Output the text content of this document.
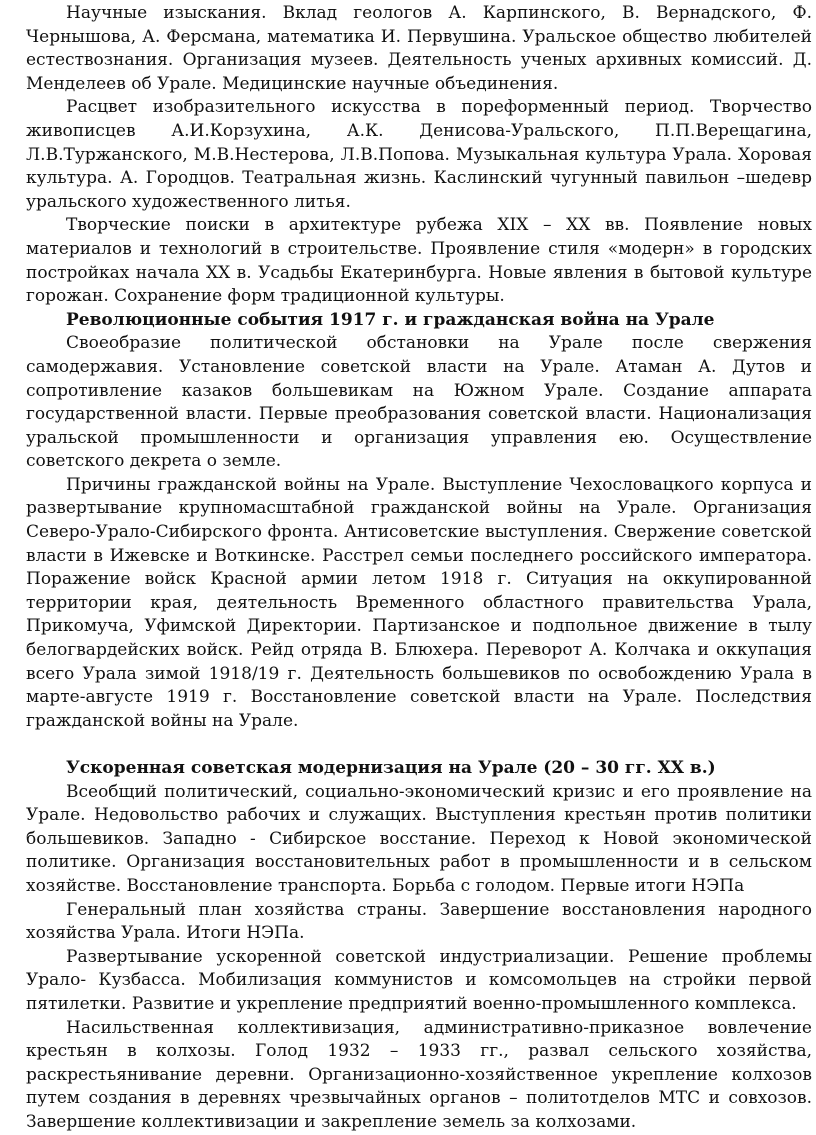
Научные изыскания. Вклад геологов А. Карпинского, В. Вернадского, Ф. Чернышова, А. Ферсмана, математика И. Первушина. Уральское общество любителей естествознания. Организация музеев. Деятельность ученых архивных комиссий. Д. Менделеев об Урале. Медицинские научные объединения.

Расцвет изобразительного искусства в пореформенный период. Творчество живописцев А.И.Корзухина, А.К. Денисова-Уральского, П.П.Верещагина, Л.В.Туржанского, М.В.Нестерова, Л.В.Попова. Музыкальная культура Урала. Хоровая культура. А. Городцов. Театральная жизнь. Каслинский чугунный павильон –шедевр уральского художественного литья.

Творческие поиски в архитектуре рубежа XIX – XX вв. Появление новых материалов и технологий в строительстве. Проявление стиля «модерн» в городских постройках начала XX в. Усадьбы Екатеринбурга. Новые явления в бытовой культуре горожан. Сохранение форм традиционной культуры.

Революционные события 1917 г. и гражданская война на Урале

Своеобразие политической обстановки на Урале после свержения самодержавия. Установление советской власти на Урале. Атаман А. Дутов и сопротивление казаков большевикам на Южном Урале. Создание аппарата государственной власти. Первые преобразования советской власти. Национализация уральской промышленности и организация управления ею. Осуществление советского декрета о земле.

Причины гражданской войны на Урале. Выступление Чехословацкого корпуса и развертывание крупномасштабной гражданской войны на Урале. Организация Северо-Урало-Сибирского фронта. Антисоветские выступления. Свержение советской власти в Ижевске и Воткинске. Расстрел семьи последнего российского императора. Поражение войск Красной армии летом 1918 г. Ситуация на оккупированной территории края, деятельность Временного областного правительства Урала, Прикомуча, Уфимской Директории. Партизанское и подпольное движение в тылу белогвардейских войск. Рейд отряда В. Блюхера. Переворот А. Колчака и оккупация всего Урала зимой 1918/19 г. Деятельность большевиков по освобождению Урала в марте-августе 1919 г. Восстановление советской власти на Урале. Последствия гражданской войны на Урале.

Ускоренная советская модернизация на Урале (20 – 30 гг. XX в.)

Всеобщий политический, социально-экономический кризис и его проявление на Урале. Недовольство рабочих и служащих. Выступления крестьян против политики большевиков. Западно - Сибирское восстание. Переход к Новой экономической политике. Организация восстановительных работ в промышленности и в сельском хозяйстве. Восстановление транспорта. Борьба с голодом. Первые итоги НЭПа

Генеральный план хозяйства страны. Завершение восстановления народного хозяйства Урала. Итоги НЭПа.

Развертывание ускоренной советской индустриализации. Решение проблемы Урало- Кузбасса. Мобилизация коммунистов и комсомольцев на стройки первой пятилетки. Развитие и укрепление предприятий военно-промышленного комплекса.

Насильственная коллективизация, административно-приказное вовлечение крестьян в колхозы. Голод 1932 – 1933 гг., развал сельского хозяйства, раскрестьянивание деревни. Организационно-хозяйственное укрепление колхозов путем создания в деревнях чрезвычайных органов – политотделов МТС и совхозов. Завершение коллективизации и закрепление земель за колхозами.
